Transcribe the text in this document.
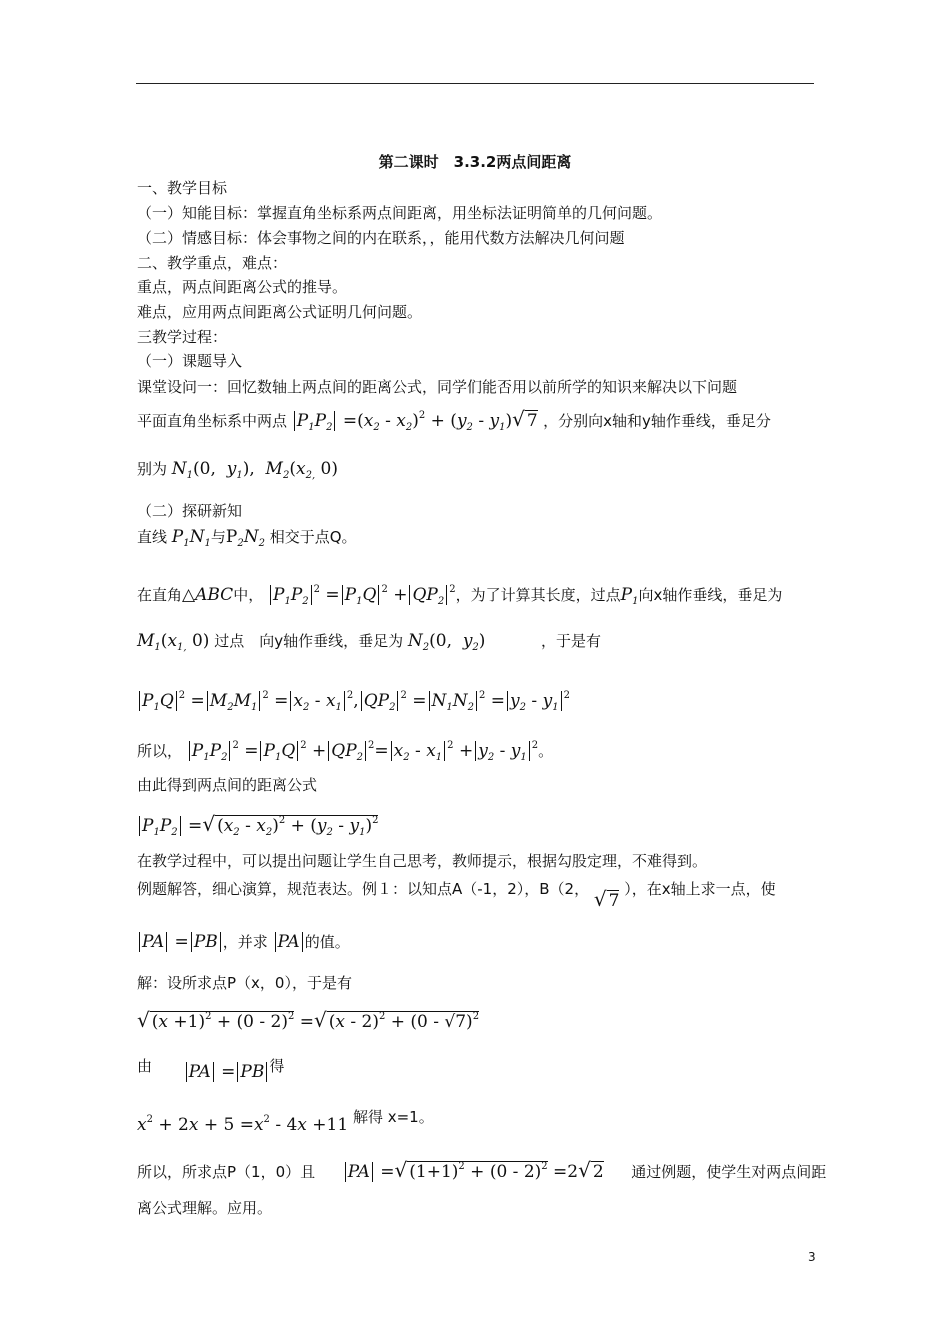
第二课时　3.3.2两点间距离
一、教学目标
（一）知能目标：掌握直角坐标系两点间距离，用坐标法证明简单的几何问题。
（二）情感目标：体会事物之间的内在联系，，能用代数方法解决几何问题
二、教学重点，难点：
重点，两点间距离公式的推导。
难点，应用两点间距离公式证明几何问题。
三教学过程：
（一）课题导入
课堂设问一：回忆数轴上两点间的距离公式，同学们能否用以前所学的知识来解决以下问题
平面直角坐标系中两点 $P_1P_2 =(x_2 - x_2)^2 + (y_2 - y_1)√$ 7 ，分别向x轴和y轴作垂线，垂足分
别为 $N_1(0$,  $y_1$),  $M_2(x_{2,}$ 0)
（二）探研新知
直线 $P_1N_1$与$P_2N_2$ 相交于点Q。
在直角△ABC中， $P_1P_2^2 = P_1Q$ $^2 + QP_2^2$，为了计算其长度，过点$P_1$向x轴作垂线，垂足为
$M_1(x_{1,}$ 0) 过点　向y轴作垂线，垂足为 $N_2(0$,  $y_2$)	，于是有
$P_1Q$ $^2 = M_2M_1^2 = x_2 - x_1^2$, $QP_2^2 = N_1N_2^2 = y_2 - y_1^2$
所以， $P_1P_2^2 = P_1Q$ $^2 + QP_2^2= x_2 - x_1^2 + y_2 - y_1^2$。
由此得到两点间的距离公式
$P_1P_2$ =√ $(x_2 - x_2)^2 + (y_2 - y_1)^2$
在教学过程中，可以提出问题让学生自己思考，教师提示，根据勾股定理，不难得到。
例题解答，细心演算，规范表达。例１：以知点A（-1，2），B（2， √ 7 ），在x轴上求一点，使
PA = PB ，并求 PA 的值。
解：设所求点P（x，0），于是有
√ $(x +1)^2 + (0 - 2)^2$ =√ (x - 2)$^2$ + (0 - √7)$^2$
由 PA = PB 得
$x^2 + 2x + 5 =x^2 - 4x +11$ 解得 x=1。
所以，所求点P（1，0）且 PA =√ $(1+1)^2 + (0 - 2)^2 =2√$ 2 通过例题，使学生对两点间距
离公式理解。应用。
3
